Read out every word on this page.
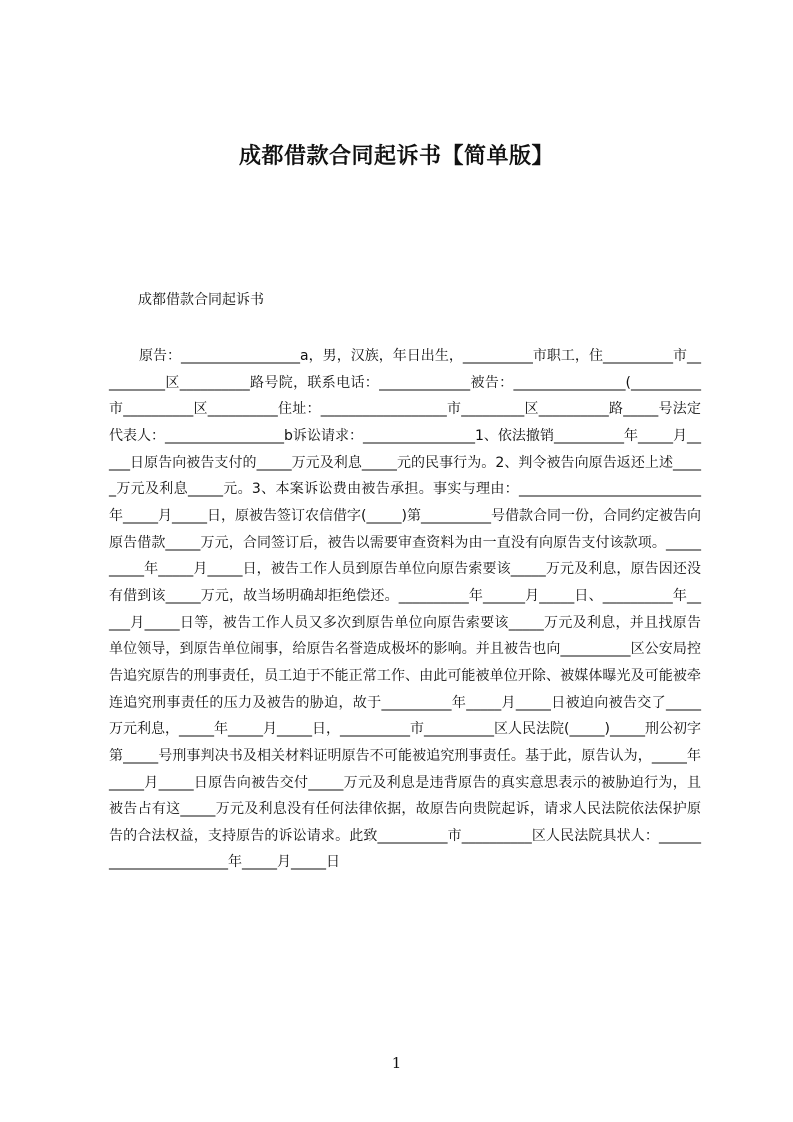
成都借款合同起诉书【简单版】

成都借款合同起诉书

原告：_________________a，男，汉族，年日出生，__________市职工，住__________市__________区__________路号院，联系电话：_____________被告：________________(__________市__________区__________住址：__________________市_________区__________路_____号法定代表人：_________________b诉讼请求：________________1、依法撤销__________年_____月_____日原告向被告支付的_____万元及利息_____元的民事行为。2、判令被告向原告返还上述_____万元及利息_____元。3、本案诉讼费由被告承担。事实与理由：__________________________年_____月_____日，原被告签订农信借字(_____)第__________号借款合同一份，合同约定被告向原告借款_____万元，合同签订后，被告以需要审查资料为由一直没有向原告支付该款项。__________年_____月_____日，被告工作人员到原告单位向原告索要该_____万元及利息，原告因还没有借到该_____万元，故当场明确却拒绝偿还。__________年______月_____日、__________年_____月_____日等，被告工作人员又多次到原告单位向原告索要该_____万元及利息，并且找原告单位领导，到原告单位闹事，给原告名誉造成极坏的影响。并且被告也向__________区公安局控告追究原告的刑事责任，员工迫于不能正常工作、由此可能被单位开除、被媒体曝光及可能被牵连追究刑事责任的压力及被告的胁迫，故于__________年_____月_____日被迫向被告交了_____万元利息，_____年_____月_____日，__________市__________区人民法院(_____)_____刑公初字第_____号刑事判决书及相关材料证明原告不可能被追究刑事责任。基于此，原告认为，_____年_____月_____日原告向被告交付_____万元及利息是违背原告的真实意思表示的被胁迫行为，且被告占有这_____万元及利息没有任何法律依据，故原告向贵院起诉，请求人民法院依法保护原告的合法权益，支持原告的诉讼请求。此致__________市__________区人民法院具状人：_______________________年_____月_____日

1
